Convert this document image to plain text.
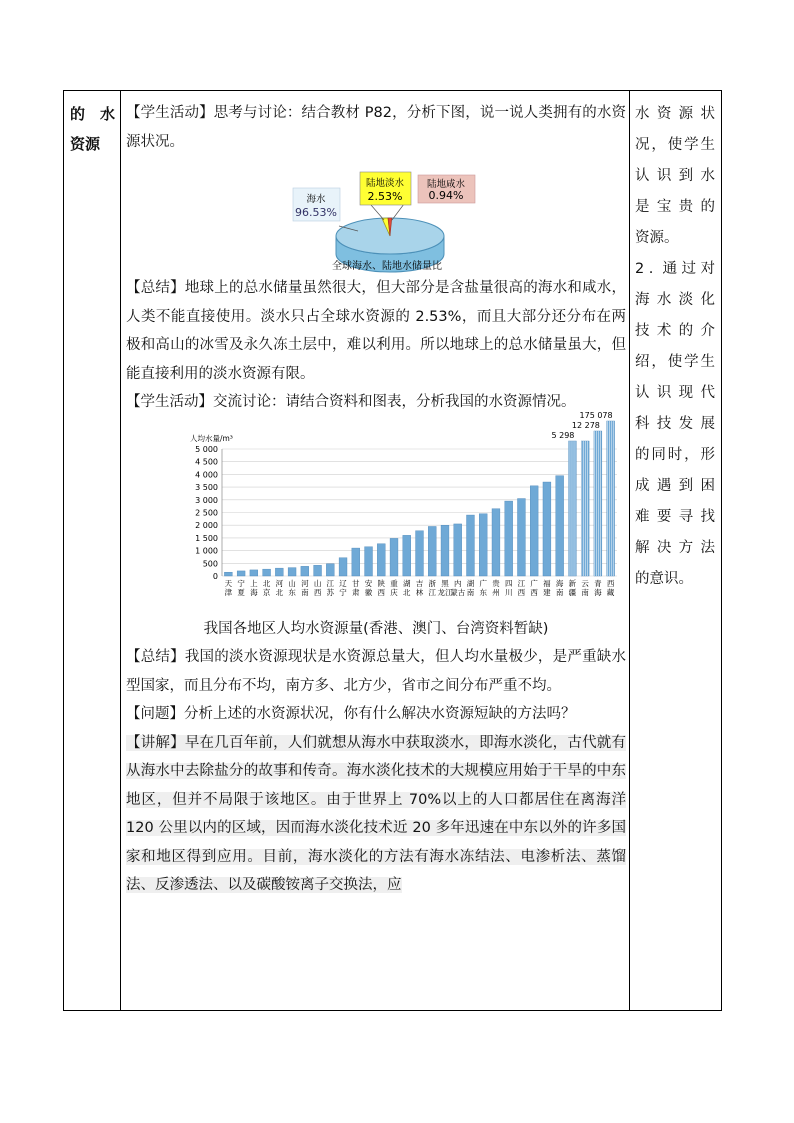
的　水
资源

【学生活动】思考与讨论：结合教材 P82，分析下图，说一说人类拥有的水资源状况。

陆地淡水
2.53%
海水
96.53%
陆地咸水
0.94%
全球海水、陆地水储量比

【总结】地球上的总水储量虽然很大，但大部分是含盐量很高的海水和咸水，人类不能直接使用。淡水只占全球水资源的 2.53%，而且大部分还分布在两极和高山的冰雪及永久冻土层中，难以利用。所以地球上的总水储量虽大，但能直接利用的淡水资源有限。

【学生活动】交流讨论：请结合资料和图表，分析我国的水资源情况。

人均水量/m³
0
500
1 000
1 500
2 000
2 500
3 000
3 500
4 000
4 500
5 000
天
津
宁
夏
上
海
北
京
河
北
山
东
河
南
山
西
江
苏
辽
宁
甘
肃
安
徽
陕
西
重
庆
湖
北
吉
林
浙
江
黑
龙江
内
蒙古
湖
南
广
东
贵
州
四
川
江
西
广
西
福
建
海
南
新
疆
5 298
云
南
青
海
12 278
西
藏
175 078
我国各地区人均水资源量(香港、澳门、台湾资料暂缺)

【总结】我国的淡水资源现状是水资源总量大，但人均水量极少，是严重缺水型国家，而且分布不均，南方多、北方少，省市之间分布严重不均。

【问题】分析上述的水资源状况，你有什么解决水资源短缺的方法吗？

【讲解】早在几百年前，人们就想从海水中获取淡水，即海水淡化，古代就有从海水中去除盐分的故事和传奇。海水淡化技术的大规模应用始于干旱的中东地区，但并不局限于该地区。由于世界上 70%以上的人口都居住在离海洋 120 公里以内的区域，因而海水淡化技术近 20 多年迅速在中东以外的许多国家和地区得到应用。目前，海水淡化的方法有海水冻结法、电渗析法、蒸馏法、反渗透法、以及碳酸铵离子交换法，应

水 资 源 状
况 ， 使 学 生
认 识 到 水
是 宝 贵 的
资源。
2 . 通 过 对
海 水 淡 化
技 术 的 介
绍 ， 使 学 生
认 识 现 代
科 技 发 展
的 同 时 ， 形
成 遇 到 困
难 要 寻 找
解 决 方 法
的意识。
